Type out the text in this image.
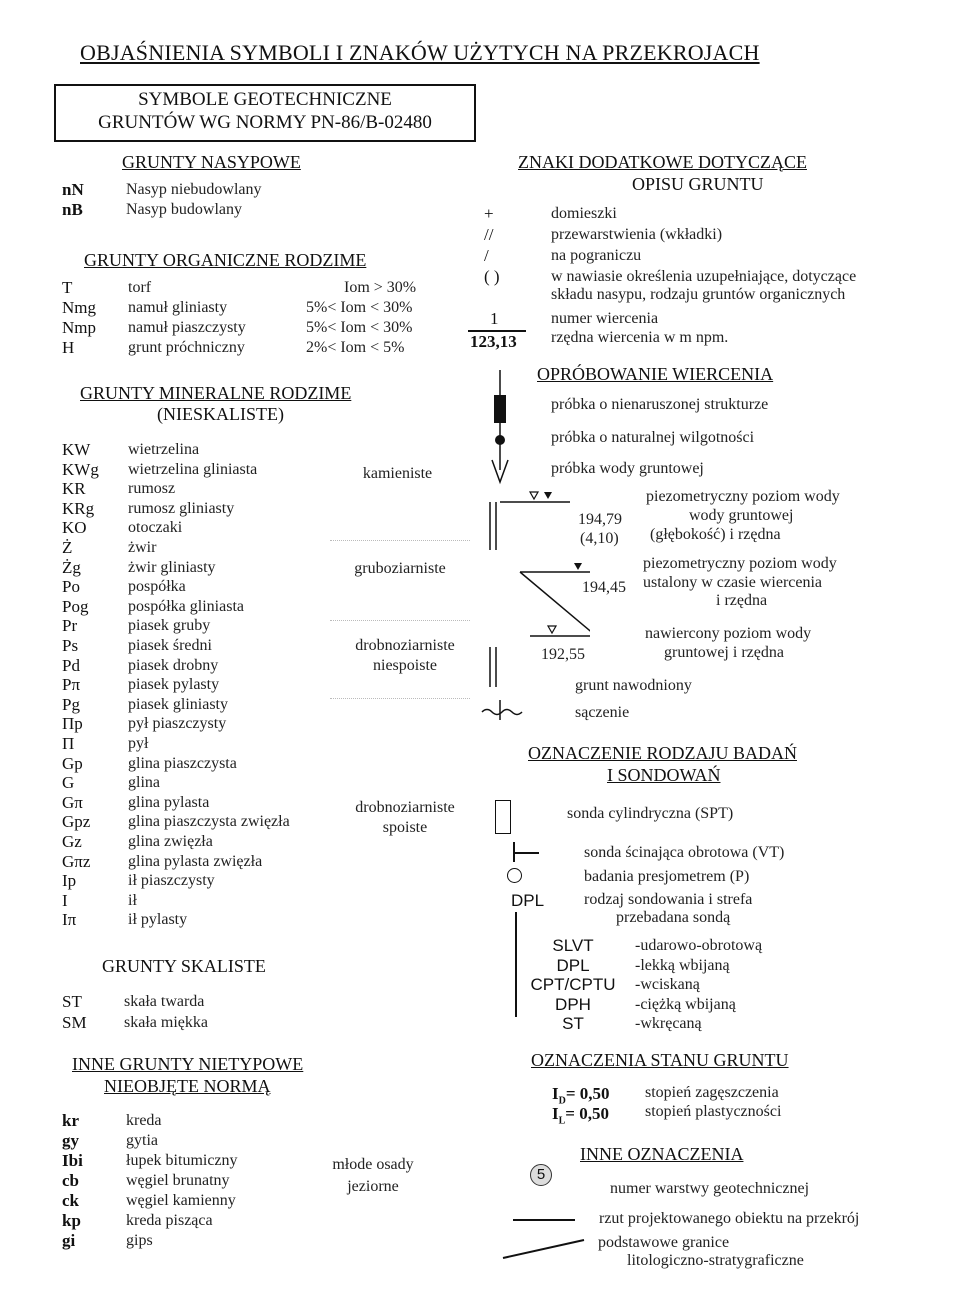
OBJAŚNIENIA SYMBOLI I ZNAKÓW UŻYTYCH NA PRZEKROJACH
SYMBOLE GEOTECHNICZNE
GRUNTÓW WG NORMY PN-86/B-02480
GRUNTY NASYPOWE
nN	Nasyp niebudowlany
nB	Nasyp budowlany
GRUNTY ORGANICZNE RODZIME
T	torf	Iom > 30%
Nmg namuł gliniasty	5%< Iom < 30%
Nmp namuł piaszczysty	5%< Iom < 30%
H	grunt próchniczny	2%< Iom < 5%
GRUNTY MINERALNE RODZIME
(NIESKALISTE)
KW wietrzelina
KWg wietrzelina gliniasta
KR	rumosz
KRg rumosz gliniasty
KO	otoczaki
Ż	żwir
Żg	żwir gliniasty
Po	pospółka
Pog pospółka gliniasta
Pr	piasek gruby
Ps	piasek średni
Pd	piasek drobny
Pπ	piasek pylasty
Pg	piasek gliniasty
Πp	pył piaszczysty
Π	pył
Gp	glina piaszczysta
G	glina
Gπ	glina pylasta
Gpz glina piaszczysta zwięzła
Gz	glina zwięzła
Gπz glina pylasta zwięzła
Ip	ił piaszczysty
I	ił
Iπ	ił pylasty
kamieniste
gruboziarniste
drobnoziarniste
niespoiste
drobnoziarniste
spoiste
GRUNTY SKALISTE
ST	skała twarda
SM skała miękka
INNE GRUNTY NIETYPOWE
NIEOBJĘTE NORMĄ
kr	kreda
gy	gytia
Ibi	łupek bitumiczny
cb	węgiel brunatny
ck	węgiel kamienny
kp	kreda pisząca
gi	gips
młode osady
jeziorne
ZNAKI DODATKOWE DOTYCZĄCE
OPISU GRUNTU
+	domieszki
//	przewarstwienia (wkładki)
/	na pograniczu
( )	w nawiasie określenia uzupełniające, dotyczące
składu nasypu, rodzaju gruntów organicznych
1
123,13
numer wiercenia
rzędna wiercenia w m npm.
OPRÓBOWANIE WIERCENIA
próbka o nienaruszonej strukturze
próbka o naturalnej wilgotności
próbka wody gruntowej
piezometryczny poziom wody
wody gruntowej
(głębokość) i rzędna
194,79
(4,10)
piezometryczny poziom wody
ustalony w czasie wiercenia
i rzędna
194,45
nawiercony poziom wody
gruntowej i rzędna
192,55
grunt nawodniony
sączenie
OZNACZENIE RODZAJU BADAŃ
I SONDOWAŃ
sonda cylindryczna (SPT)
sonda ścinająca obrotowa (VT)
badania presjometrem (P)
DPL rodzaj sondowania i strefa
przebadana sondą
SLVT	-udarowo-obrotową
DPL	-lekką wbijaną
CPT/CPTU	-wciskaną
DPH	-ciężką wbijaną
ST	-wkręcaną
OZNACZENIA STANU GRUNTU
$I_D= 0,50$ stopień zagęszczenia
$I_L= 0,50$ stopień plastyczności
INNE OZNACZENIA
5
numer warstwy geotechnicznej
rzut projektowanego obiektu na przekrój
podstawowe granice
litologiczno-stratygraficzne
